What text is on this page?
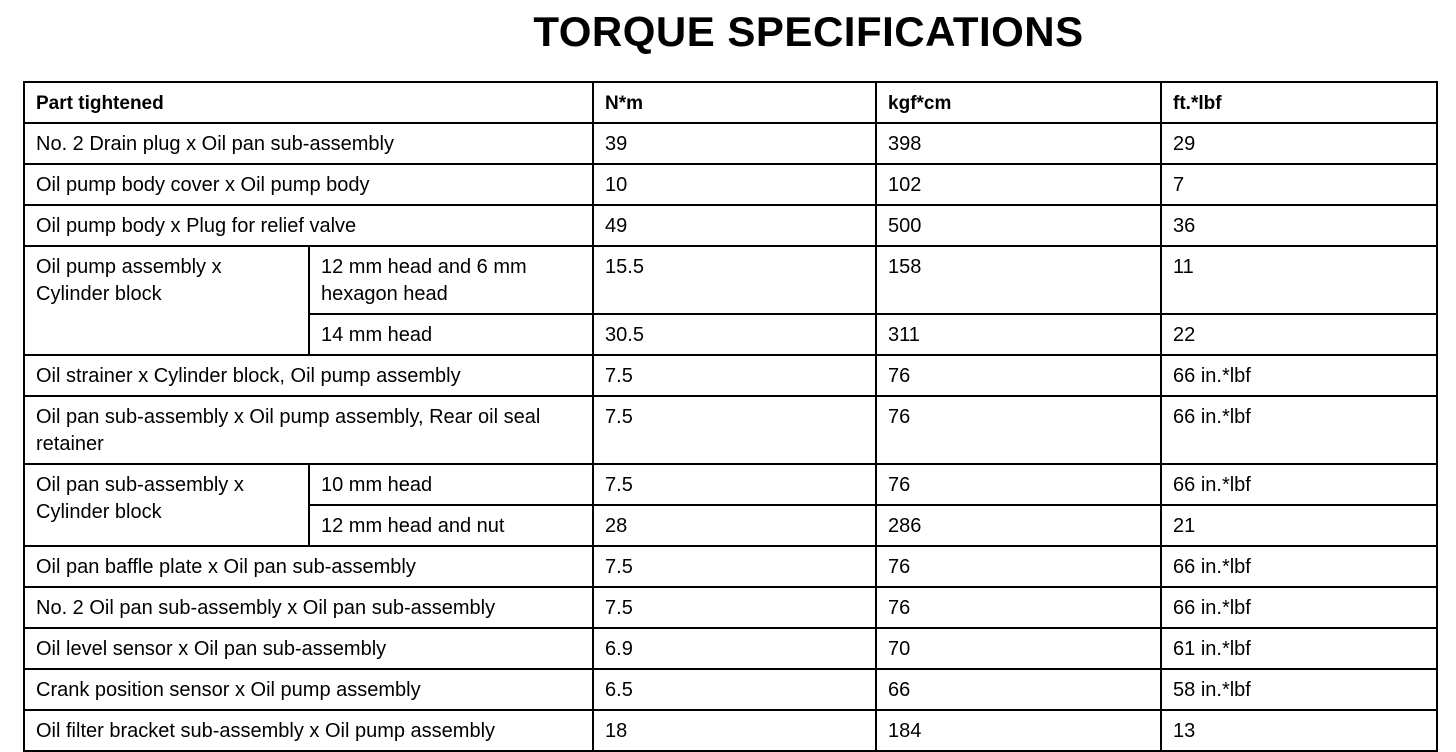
TORQUE SPECIFICATIONS
Part tightened		N*m	kgf*cm	ft.*lbf
No. 2 Drain plug x Oil pan sub-assembly		39	398	29
Oil pump body cover x Oil pump body		10	102	7
Oil pump body x Plug for relief valve		49	500	36
Oil pump assembly x Cylinder block	12 mm head and 6 mm hexagon head	15.5	158	11
	14 mm head	30.5	311	22
Oil strainer x Cylinder block, Oil pump assembly		7.5	76	66 in.*lbf
Oil pan sub-assembly x Oil pump assembly, Rear oil seal retainer		7.5	76	66 in.*lbf
Oil pan sub-assembly x Cylinder block	10 mm head	7.5	76	66 in.*lbf
	12 mm head and nut	28	286	21
Oil pan baffle plate x Oil pan sub-assembly		7.5	76	66 in.*lbf
No. 2 Oil pan sub-assembly x Oil pan sub-assembly		7.5	76	66 in.*lbf
Oil level sensor x Oil pan sub-assembly		6.9	70	61 in.*lbf
Crank position sensor x Oil pump assembly		6.5	66	58 in.*lbf
Oil filter bracket sub-assembly x Oil pump assembly		18	184	13
